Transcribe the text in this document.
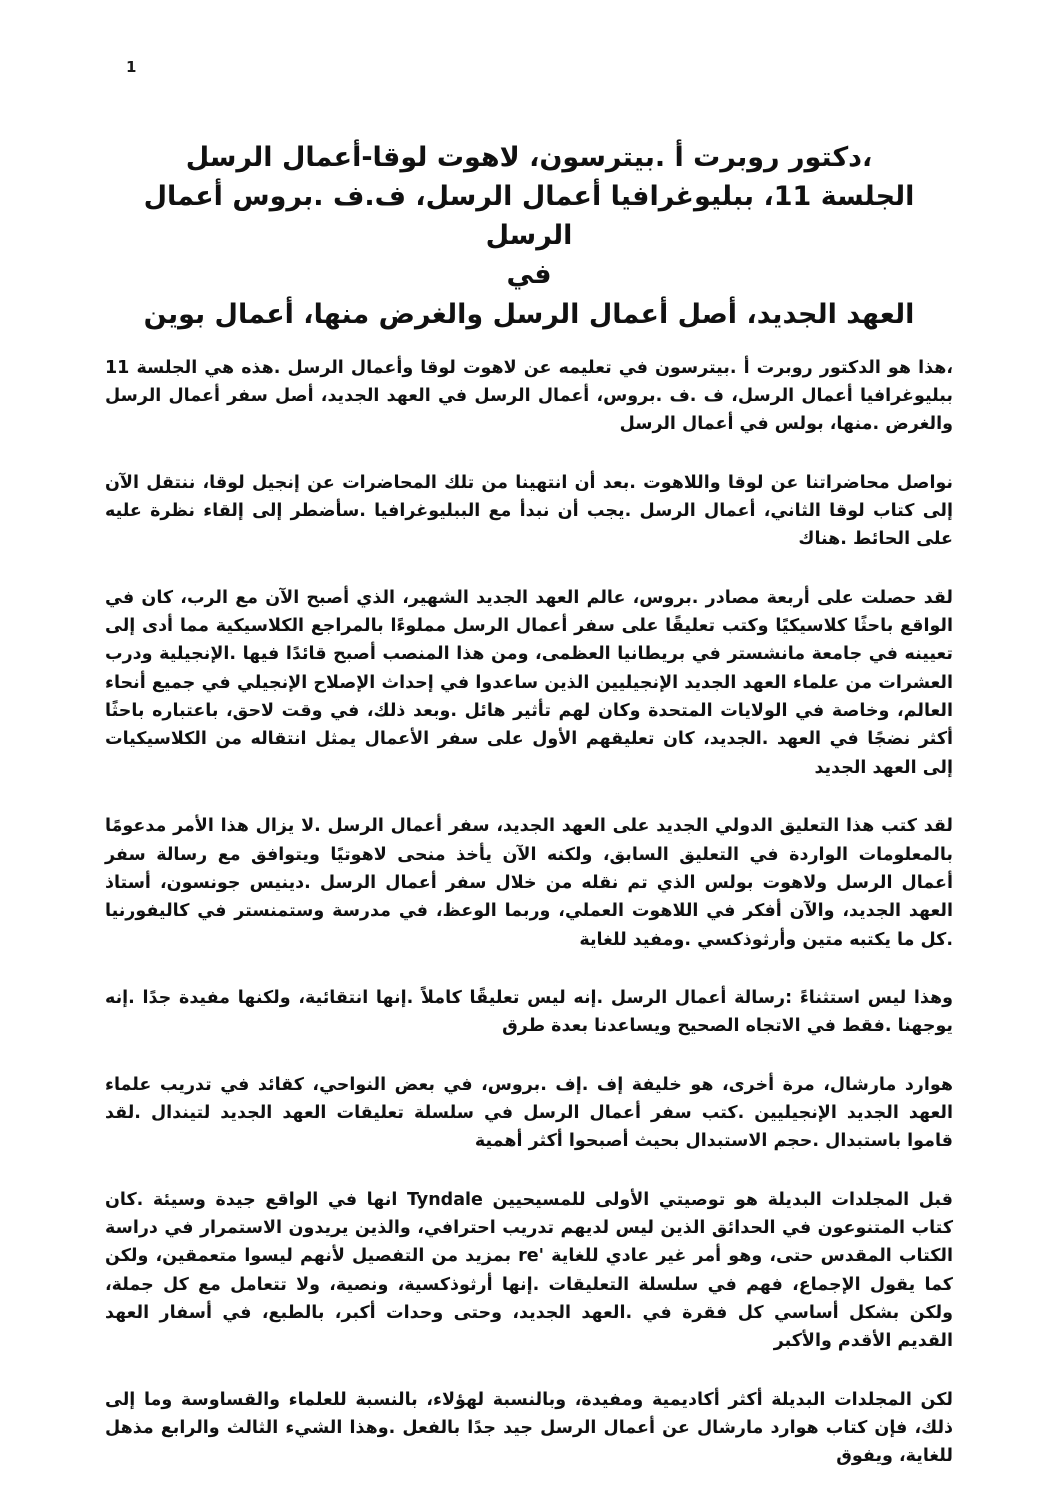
1
،دكتور روبرت أ .بيترسون، لاهوت لوقا-أعمال الرسل
الجلسة 11، ببليوغرافيا أعمال الرسل، ف.ف .بروس أعمال الرسل
في
العهد الجديد، أصل أعمال الرسل والغرض منها، أعمال بوين

،هذا هو الدكتور روبرت أ .بيترسون في تعليمه عن لاهوت لوقا وأعمال الرسل .هذه هي الجلسة 11 ببليوغرافيا أعمال الرسل، ف .ف .بروس، أعمال الرسل في العهد الجديد، أصل سفر أعمال الرسل والغرض .منها، بولس في أعمال الرسل

نواصل محاضراتنا عن لوقا واللاهوت .بعد أن انتهينا من تلك المحاضرات عن إنجيل لوقا، ننتقل الآن إلى كتاب لوقا الثاني، أعمال الرسل .يجب أن نبدأ مع الببليوغرافيا .سأضطر إلى إلقاء نظرة عليه على الحائط .هناك

لقد حصلت على أربعة مصادر .بروس، عالم العهد الجديد الشهير، الذي أصبح الآن مع الرب، كان في الواقع باحثًا كلاسيكيًا وكتب تعليقًا على سفر أعمال الرسل مملوءًا بالمراجع الكلاسيكية مما أدى إلى تعيينه في جامعة مانشستر في بريطانيا العظمى، ومن هذا المنصب أصبح قائدًا فيها .الإنجيلية ودرب العشرات من علماء العهد الجديد الإنجيليين الذين ساعدوا في إحداث الإصلاح الإنجيلي في جميع أنحاء العالم، وخاصة في الولايات المتحدة وكان لهم تأثير هائل .وبعد ذلك، في وقت لاحق، باعتباره باحثًا أكثر نضجًا في العهد .الجديد، كان تعليقهم الأول على سفر الأعمال يمثل انتقاله من الكلاسيكيات إلى العهد الجديد

لقد كتب هذا التعليق الدولي الجديد على العهد الجديد، سفر أعمال الرسل .لا يزال هذا الأمر مدعومًا بالمعلومات الواردة في التعليق السابق، ولكنه الآن يأخذ منحى لاهوتيًا ويتوافق مع رسالة سفر أعمال الرسل ولاهوت بولس الذي تم نقله من خلال سفر أعمال الرسل .دينيس جونسون، أستاذ العهد الجديد، والآن أفكر في اللاهوت العملي، وربما الوعظ، في مدرسة وستمنستر في كاليفورنيا .كل ما يكتبه متين وأرثوذكسي .ومفيد للغاية

وهذا ليس استثناءً :رسالة أعمال الرسل .إنه ليس تعليقًا كاملاً .إنها انتقائية، ولكنها مفيدة جدًا .إنه يوجهنا .فقط في الاتجاه الصحيح ويساعدنا بعدة طرق

هوارد مارشال، مرة أخرى، هو خليفة إف .إف .بروس، في بعض النواحي، كقائد في تدريب علماء العهد الجديد الإنجيليين .كتب سفر أعمال الرسل في سلسلة تعليقات العهد الجديد لتيندال .لقد قاموا باستبدال .حجم الاستبدال بحيث أصبحوا أكثر أهمية

قبل المجلدات البديلة هو توصيتي الأولى للمسيحيين Tyndale انها في الواقع جيدة وسيئة .كان كتاب المتنوعون في الحدائق الذين ليس لديهم تدريب احترافي، والذين يريدون الاستمرار في دراسة الكتاب المقدس حتى، وهو أمر غير عادي للغاية 're بمزيد من التفصيل لأنهم ليسوا متعمقين، ولكن كما يقول الإجماع، فهم في سلسلة التعليقات .إنها أرثوذكسية، ونصية، ولا تتعامل مع كل جملة، ولكن بشكل أساسي كل فقرة في .العهد الجديد، وحتى وحدات أكبر، بالطبع، في أسفار العهد القديم الأقدم والأكبر

لكن المجلدات البديلة أكثر أكاديمية ومفيدة، وبالنسبة لهؤلاء، بالنسبة للعلماء والقساوسة وما إلى ذلك، فإن كتاب هوارد مارشال عن أعمال الرسل جيد جدًا بالفعل .وهذا الشيء الثالث والرابع مذهل للغاية، ويفوق
